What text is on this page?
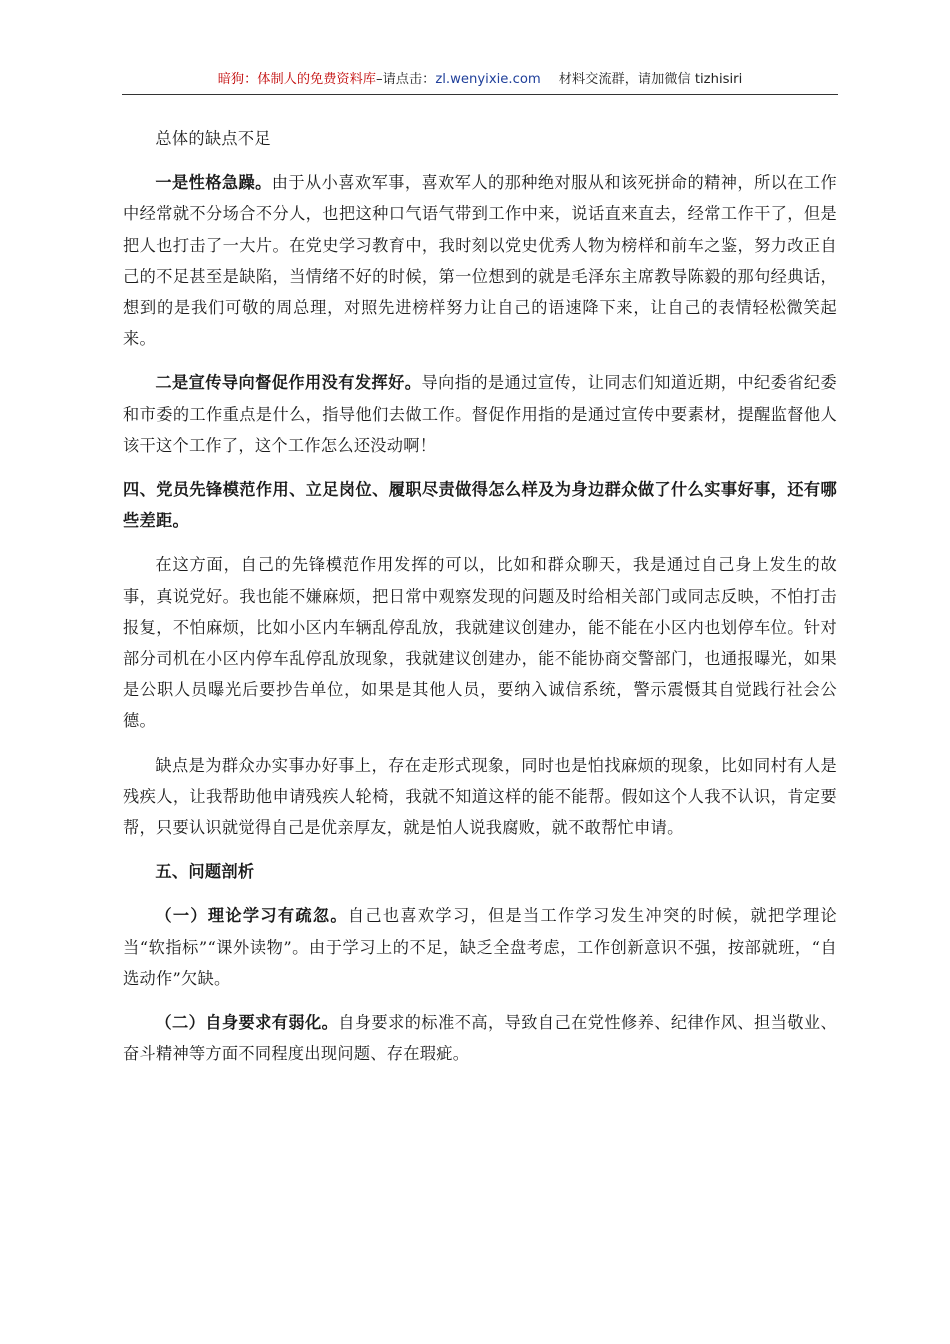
暗狗：体制人的免费资料库–请点击：zl.wenyixie.com 材料交流群，请加微信 tizhisiri

总体的缺点不足

一是性格急躁。由于从小喜欢军事，喜欢军人的那种绝对服从和该死拼命的精神，所以在工作中经常就不分场合不分人，也把这种口气语气带到工作中来，说话直来直去，经常工作干了，但是把人也打击了一大片。在党史学习教育中，我时刻以党史优秀人物为榜样和前车之鉴，努力改正自己的不足甚至是缺陷，当情绪不好的时候，第一位想到的就是毛泽东主席教导陈毅的那句经典话，想到的是我们可敬的周总理，对照先进榜样努力让自己的语速降下来，让自己的表情轻松微笑起来。

二是宣传导向督促作用没有发挥好。导向指的是通过宣传，让同志们知道近期，中纪委省纪委和市委的工作重点是什么，指导他们去做工作。督促作用指的是通过宣传中要素材，提醒监督他人该干这个工作了，这个工作怎么还没动啊！

四、党员先锋模范作用、立足岗位、履职尽责做得怎么样及为身边群众做了什么实事好事，还有哪些差距。

在这方面，自己的先锋模范作用发挥的可以，比如和群众聊天，我是通过自己身上发生的故事，真说党好。我也能不嫌麻烦，把日常中观察发现的问题及时给相关部门或同志反映，不怕打击报复，不怕麻烦，比如小区内车辆乱停乱放，我就建议创建办，能不能在小区内也划停车位。针对部分司机在小区内停车乱停乱放现象，我就建议创建办，能不能协商交警部门，也通报曝光，如果是公职人员曝光后要抄告单位，如果是其他人员，要纳入诚信系统，警示震慑其自觉践行社会公德。

缺点是为群众办实事办好事上，存在走形式现象，同时也是怕找麻烦的现象，比如同村有人是残疾人，让我帮助他申请残疾人轮椅，我就不知道这样的能不能帮。假如这个人我不认识，肯定要帮，只要认识就觉得自己是优亲厚友，就是怕人说我腐败，就不敢帮忙申请。

五、问题剖析

（一）理论学习有疏忽。自己也喜欢学习，但是当工作学习发生冲突的时候，就把学理论当“软指标”“课外读物”。由于学习上的不足，缺乏全盘考虑，工作创新意识不强，按部就班，“自选动作”欠缺。

（二）自身要求有弱化。自身要求的标准不高，导致自己在党性修养、纪律作风、担当敬业、奋斗精神等方面不同程度出现问题、存在瑕疵。
